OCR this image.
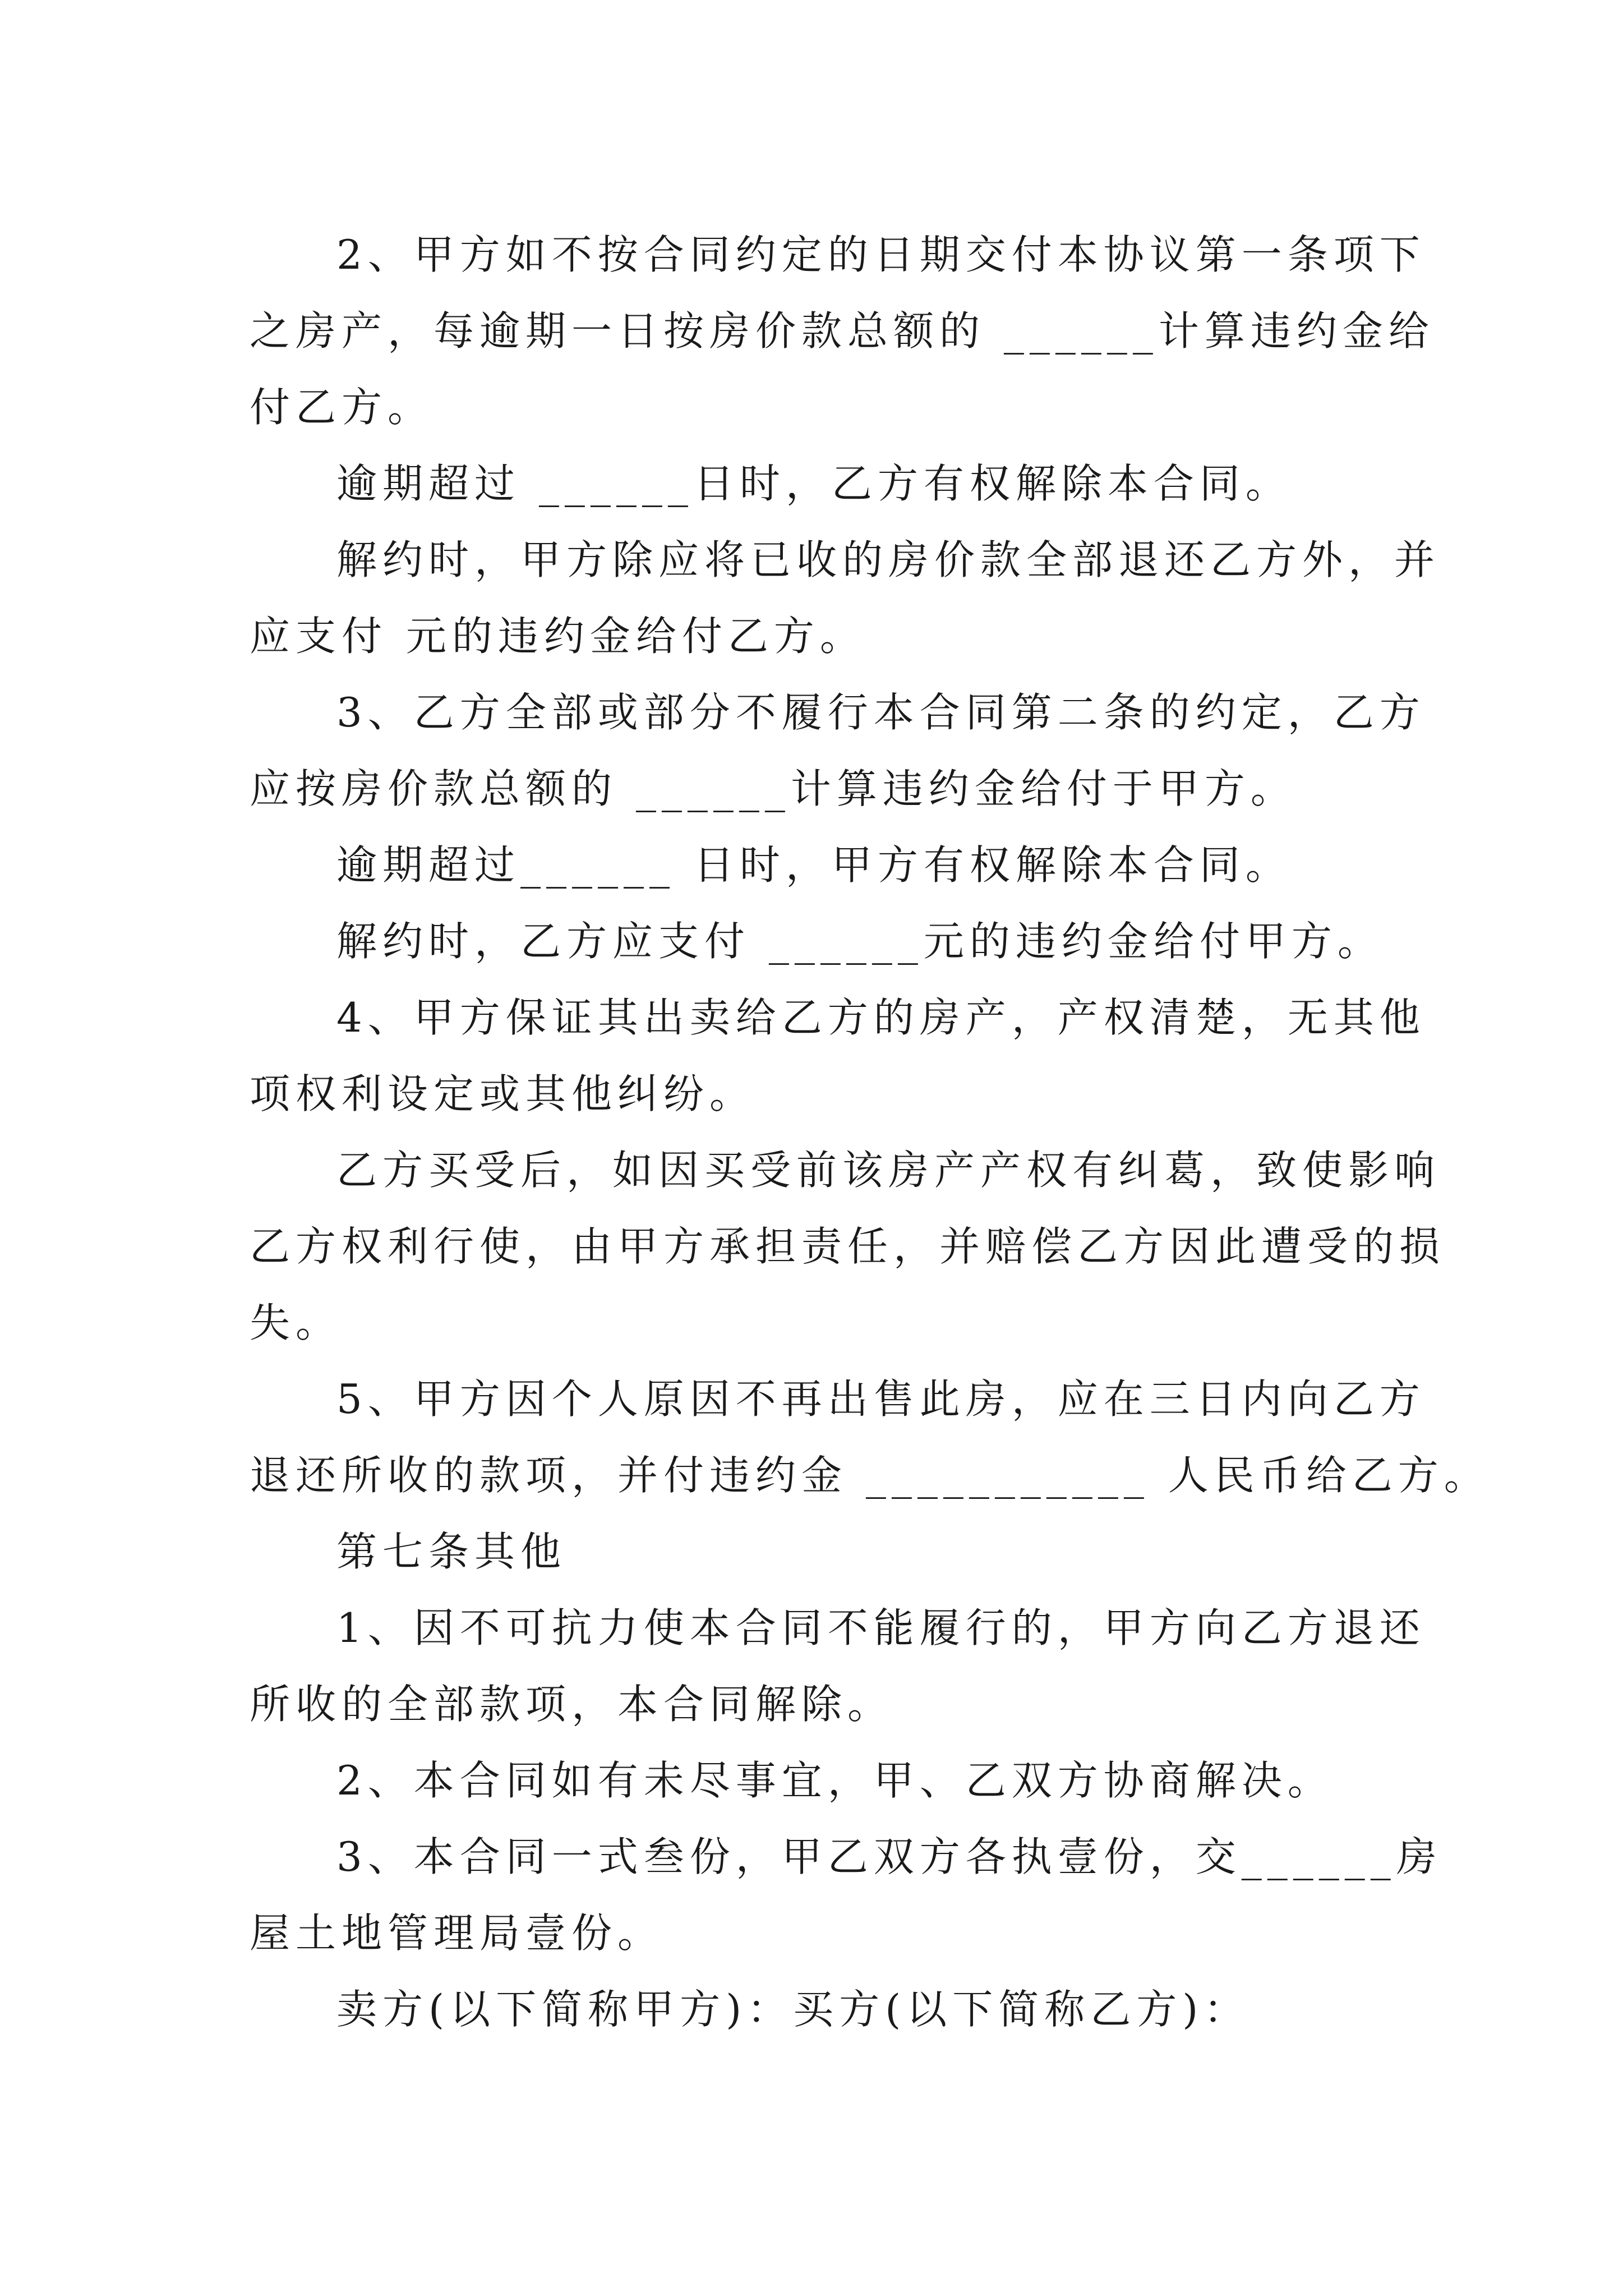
2、甲方如不按合同约定的日期交付本协议第一条项下
之房产，每逾期一日按房价款总额的 ______计算违约金给
付乙方。
逾期超过 ______日时，乙方有权解除本合同。
解约时，甲方除应将已收的房价款全部退还乙方外，并
应支付 元的违约金给付乙方。
3、乙方全部或部分不履行本合同第二条的约定，乙方
应按房价款总额的 ______计算违约金给付于甲方。
逾期超过______ 日时，甲方有权解除本合同。
解约时，乙方应支付 ______元的违约金给付甲方。
4、甲方保证其出卖给乙方的房产，产权清楚，无其他
项权利设定或其他纠纷。
乙方买受后，如因买受前该房产产权有纠葛，致使影响
乙方权利行使，由甲方承担责任，并赔偿乙方因此遭受的损
失。
5、甲方因个人原因不再出售此房，应在三日内向乙方
退还所收的款项，并付违约金 ___________ 人民币给乙方。
第七条其他
1、因不可抗力使本合同不能履行的，甲方向乙方退还
所收的全部款项，本合同解除。
2、本合同如有未尽事宜，甲、乙双方协商解决。
3、本合同一式叁份，甲乙双方各执壹份，交______房
屋土地管理局壹份。
卖方(以下简称甲方)：买方(以下简称乙方)：
